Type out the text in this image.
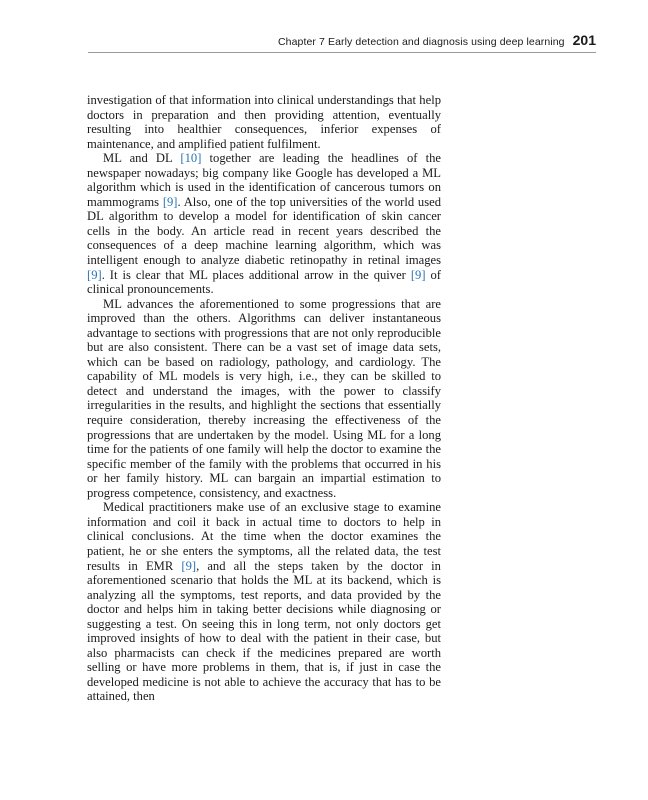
Chapter 7 Early detection and diagnosis using deep learning 201

investigation of that information into clinical understandings that help doctors in preparation and then providing attention, eventually resulting into healthier consequences, inferior expenses of maintenance, and amplified patient fulfilment.

ML and DL [10] together are leading the headlines of the newspaper nowadays; big company like Google has developed a ML algorithm which is used in the identification of cancerous tumors on mammograms [9]. Also, one of the top universities of the world used DL algorithm to develop a model for identification of skin cancer cells in the body. An article read in recent years described the consequences of a deep machine learning algorithm, which was intelligent enough to analyze diabetic retinopathy in retinal images [9]. It is clear that ML places additional arrow in the quiver [9] of clinical pronouncements.

ML advances the aforementioned to some progressions that are improved than the others. Algorithms can deliver instantaneous advantage to sections with progressions that are not only reproducible but are also consistent. There can be a vast set of image data sets, which can be based on radiology, pathology, and cardiology. The capability of ML models is very high, i.e., they can be skilled to detect and understand the images, with the power to classify irregularities in the results, and highlight the sections that essentially require consideration, thereby increasing the effectiveness of the progressions that are undertaken by the model. Using ML for a long time for the patients of one family will help the doctor to examine the specific member of the family with the problems that occurred in his or her family history. ML can bargain an impartial estimation to progress competence, consistency, and exactness.

Medical practitioners make use of an exclusive stage to examine information and coil it back in actual time to doctors to help in clinical conclusions. At the time when the doctor examines the patient, he or she enters the symptoms, all the related data, the test results in EMR [9], and all the steps taken by the doctor in aforementioned scenario that holds the ML at its backend, which is analyzing all the symptoms, test reports, and data provided by the doctor and helps him in taking better decisions while diagnosing or suggesting a test. On seeing this in long term, not only doctors get improved insights of how to deal with the patient in their case, but also pharmacists can check if the medicines prepared are worth selling or have more problems in them, that is, if just in case the developed medicine is not able to achieve the accuracy that has to be attained, then
